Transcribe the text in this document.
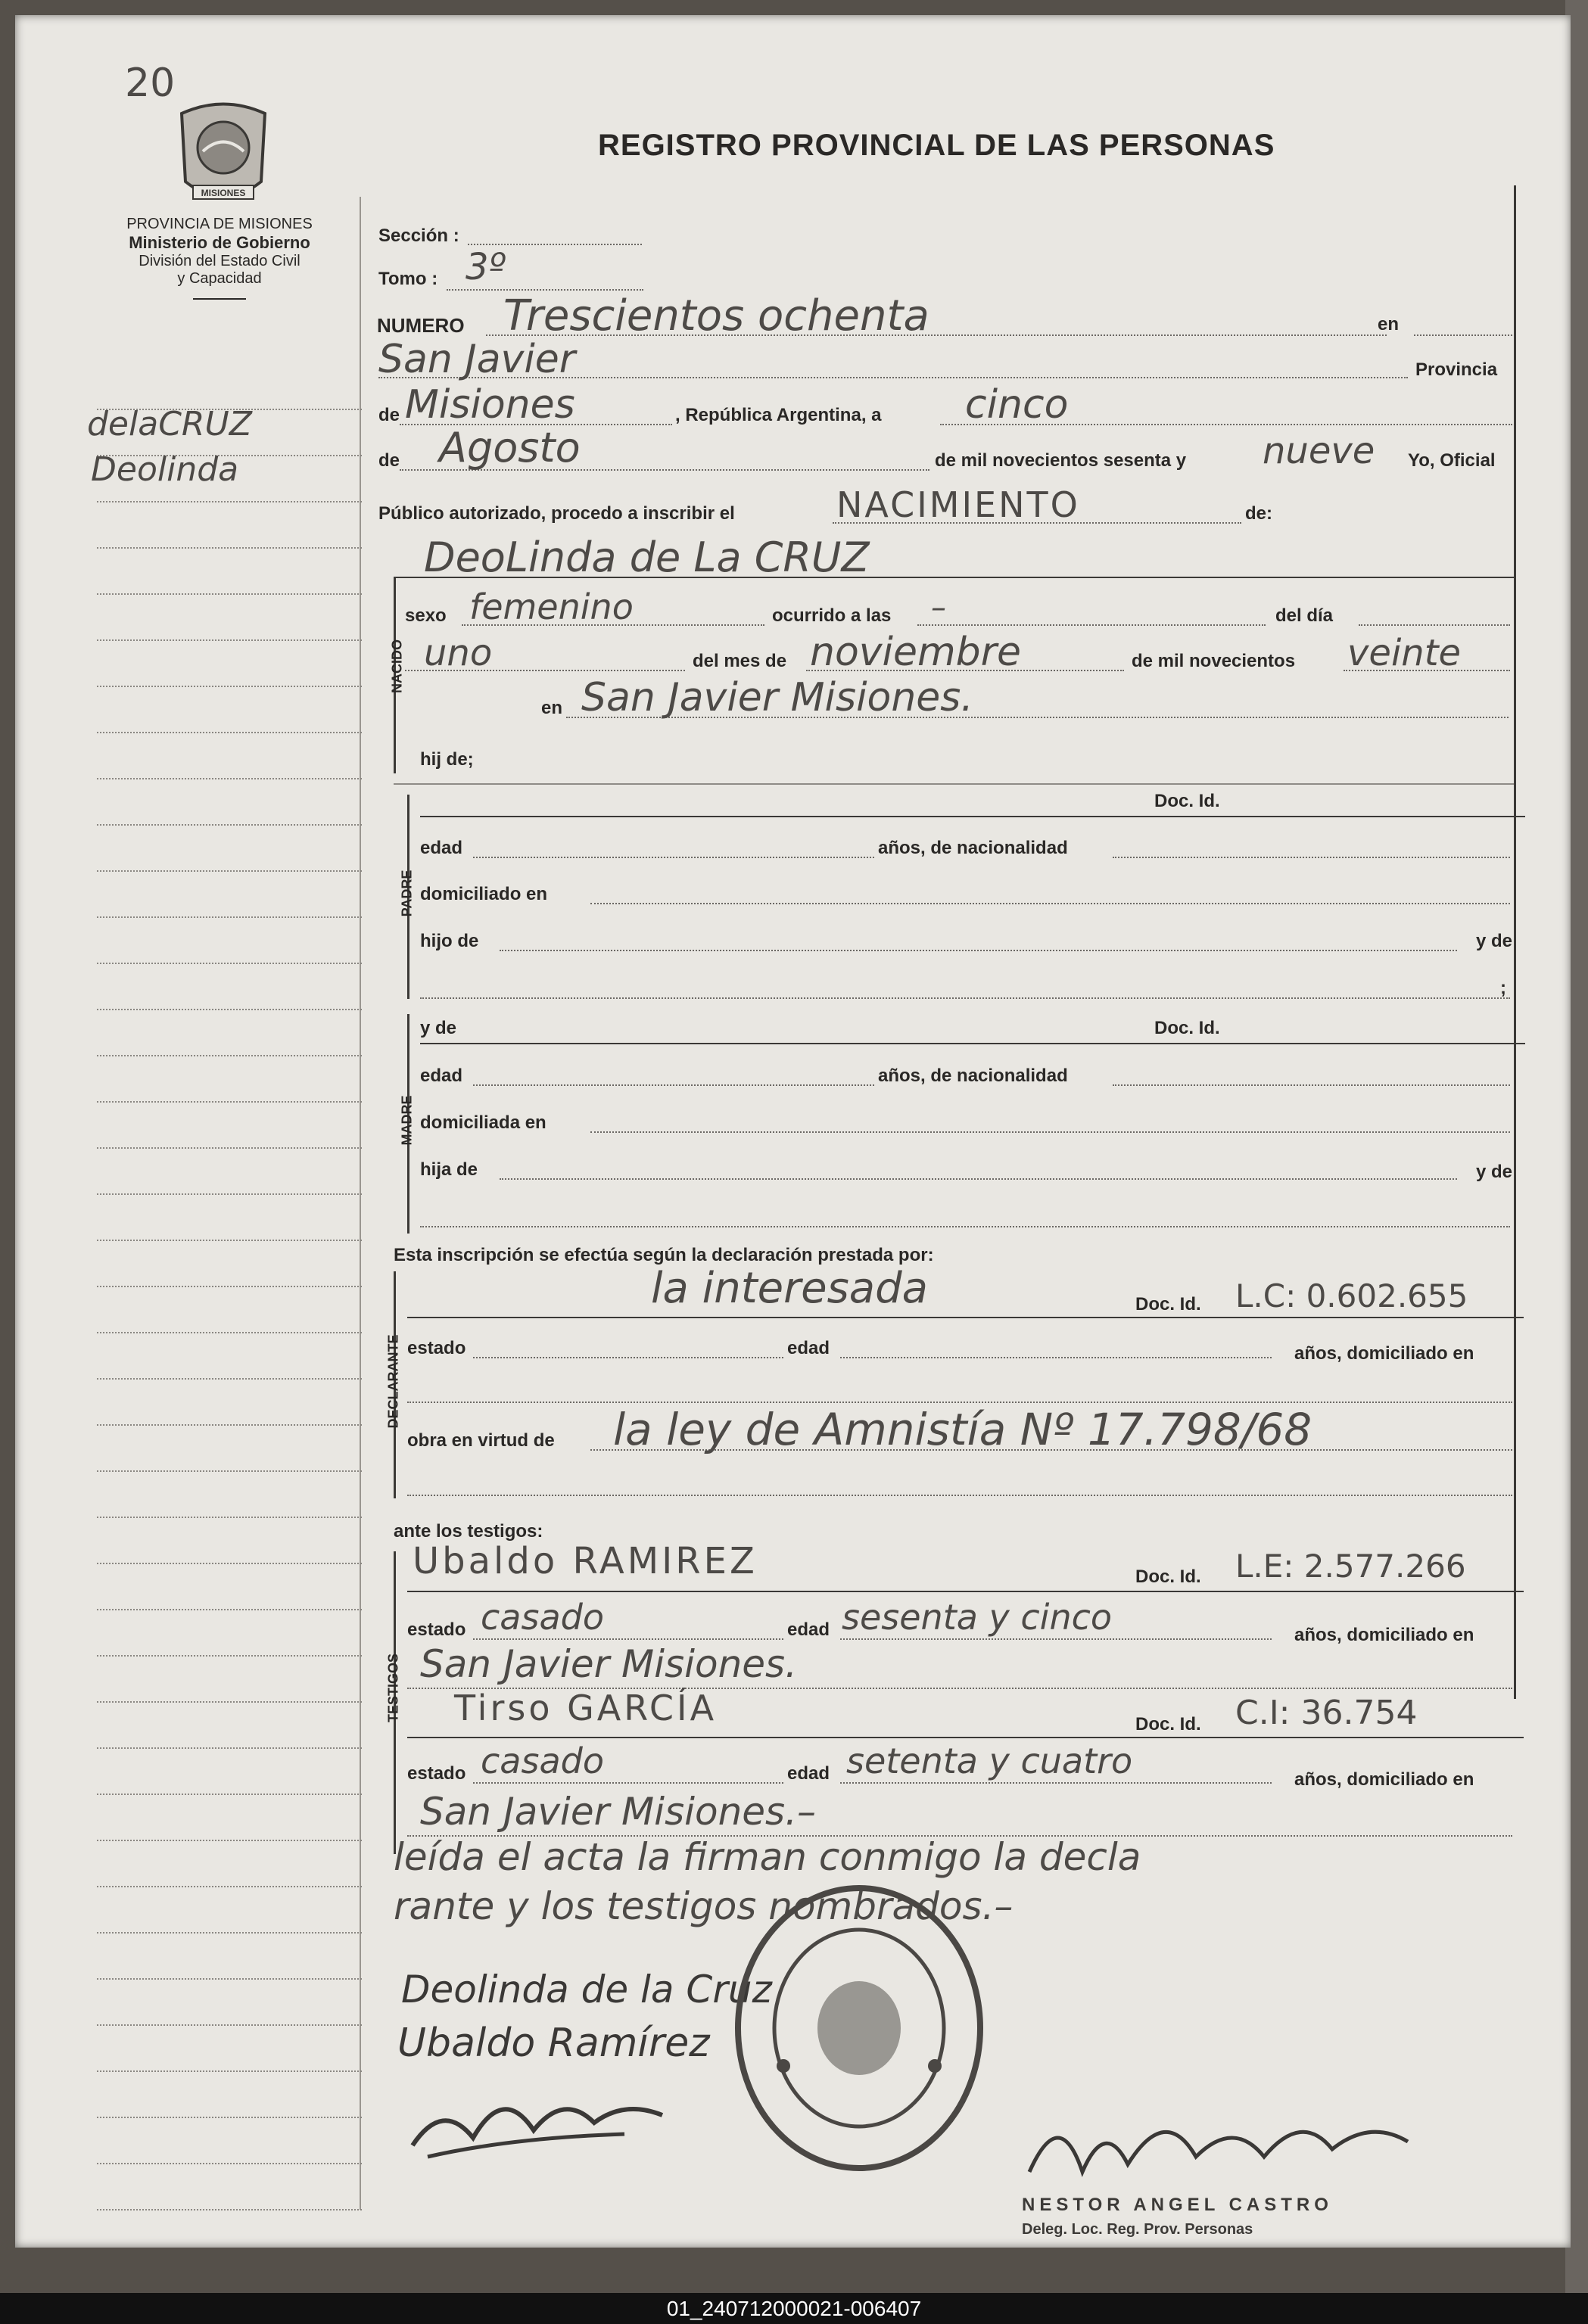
20
MISIONES
PROVINCIA DE MISIONES
Ministerio de Gobierno
División del Estado Civil
y Capacidad
REGISTRO PROVINCIAL DE LAS PERSONAS
delaCRUZ
Deolinda
Sección :
Tomo : 3º
NUMERO Trescientos ochenta	en
San Javier	Provincia
de Misiones	, República Argentina, a cinco
de Agosto	de mil novecientos sesenta y nueve Yo, Oficial
Público autorizado, procedo a inscribir el	NACIMIENTO	de:
DeoLinda de La CRUZ
NACIDO
sexo femenino	ocurrido a las –	del día
uno	del mes de noviembre	de mil novecientos veinte
en San Javier Misiones.
hij de;
PADRE
Doc. Id.
edad	años, de nacionalidad
domiciliado en
hijo de	y de
;
MADRE
y de	Doc. Id.
edad	años, de nacionalidad
domiciliada en
hija de	y de
Esta inscripción se efectúa según la declaración prestada por:
DECLARANTE
la interesada	Doc. Id. L.C: 0.602.655
estado	edad	años, domiciliado en
obra en virtud de la ley de Amnistía Nº 17.798/68
ante los testigos:
TESTIGOS
Ubaldo RAMIREZ	Doc. Id. L.E: 2.577.266
estado casado	edad sesenta y cinco	años, domiciliado en
San Javier Misiones.
Tirso GARCÍA	Doc. Id. C.I: 36.754
estado casado	edad setenta y cuatro	años, domiciliado en
San Javier Misiones.–
leída el acta la firman conmigo la decla
rante y los testigos nombrados.–
Deolinda de la Cruz
Ubaldo Ramírez
NESTOR ANGEL CASTRO
Deleg. Loc. Reg. Prov. Personas
01_240712000021-006407
